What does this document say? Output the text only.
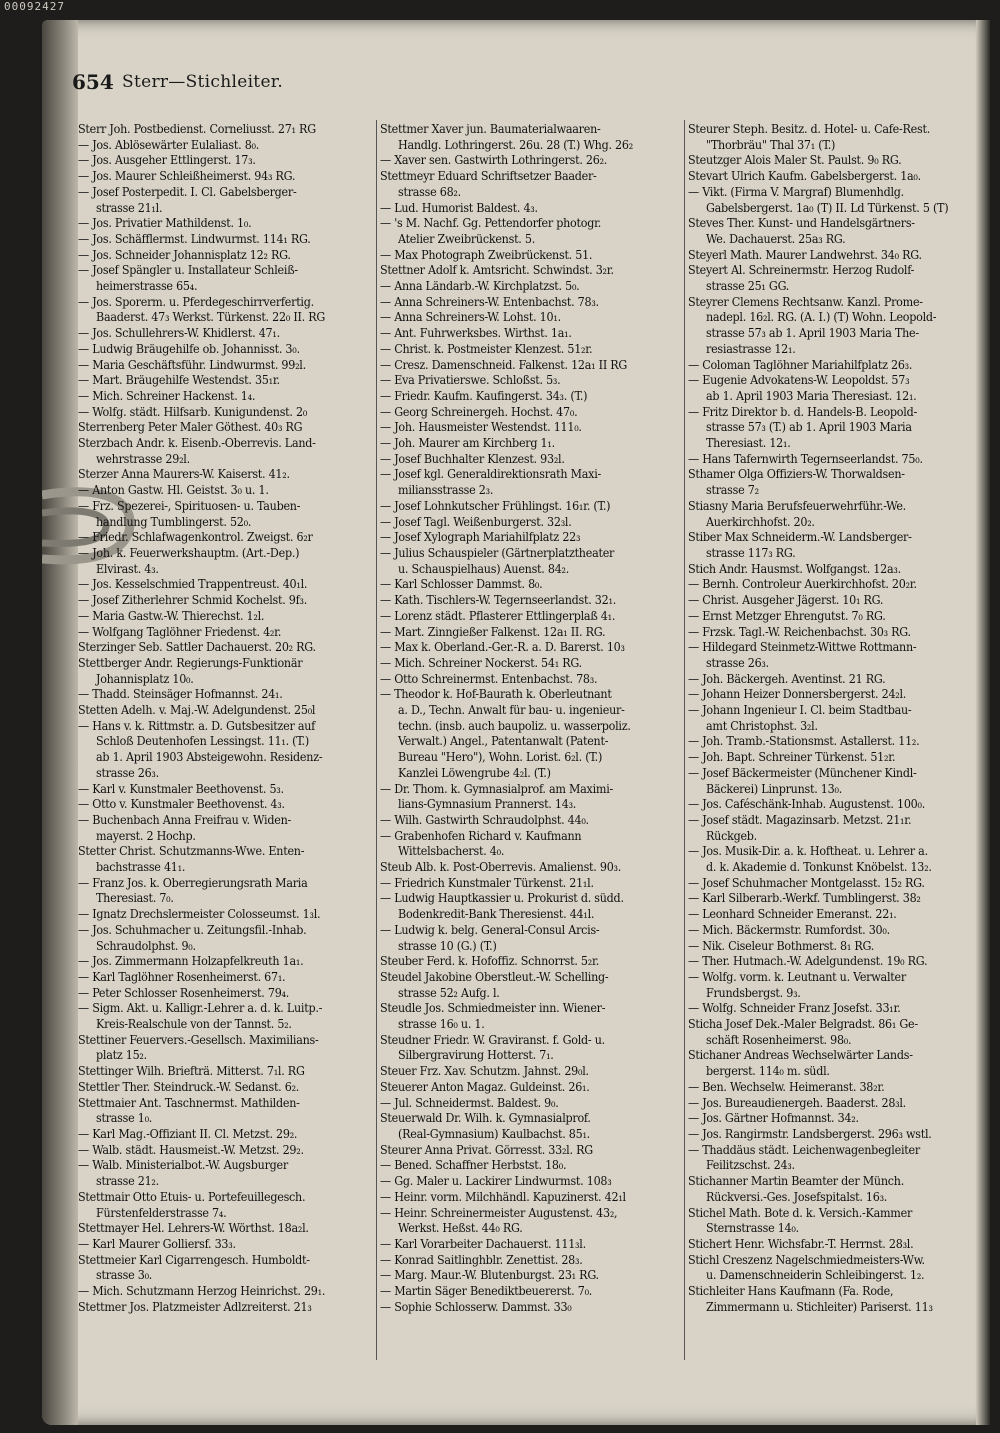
00092427
654 Sterr—Stichleiter.
Sterr Joh. Postbedienst. Corneliusst. 27₁ RG
— Jos. Ablösewärter Eulaliast. 8₀.
— Jos. Ausgeher Ettlingerst. 17₃.
— Jos. Maurer Schleißheimerst. 94₃ RG.
— Josef Posterpedit. I. Cl. Gabelsberger-
strasse 21₁l.
— Jos. Privatier Mathildenst. 1₀.
— Jos. Schäfflermst. Lindwurmst. 114₁ RG.
— Jos. Schneider Johannisplatz 12₂ RG.
— Josef Spängler u. Installateur Schleiß-
heimerstrasse 65₄.
— Jos. Sporerm. u. Pferdegeschirrverfertig.
Baaderst. 47₃ Werkst. Türkenst. 22₀ II. RG
— Jos. Schullehrers-W. Khidlerst. 47₁.
— Ludwig Bräugehilfe ob. Johannisst. 3₀.
— Maria Geschäftsführ. Lindwurmst. 99₂l.
— Mart. Bräugehilfe Westendst. 35₁r.
— Mich. Schreiner Hackenst. 1₄.
— Wolfg. städt. Hilfsarb. Kunigundenst. 2₀
Sterrenberg Peter Maler Göthest. 40₃ RG
Sterzbach Andr. k. Eisenb.-Oberrevis. Land-
wehrstrasse 29₂l.
Sterzer Anna Maurers-W. Kaiserst. 41₂.
— Anton Gastw. Hl. Geistst. 3₀ u. 1.
— Frz. Spezerei-, Spirituosen- u. Tauben-
handlung Tumblingerst. 52₀.
— Friedr. Schlafwagenkontrol. Zweigst. 6₂r
— Joh. k. Feuerwerkshauptm. (Art.-Dep.)
Elvirast. 4₃.
— Jos. Kesselschmied Trappentreust. 40₁l.
— Josef Zitherlehrer Schmid Kochelst. 9f₃.
— Maria Gastw.-W. Thierechst. 1₂l.
— Wolfgang Taglöhner Friedenst. 4₂r.
Sterzinger Seb. Sattler Dachauerst. 20₂ RG.
Stettberger Andr. Regierungs-Funktionär
Johannisplatz 10₀.
— Thadd. Steinsäger Hofmannst. 24₁.
Stetten Adelh. v. Maj.-W. Adelgundenst. 25₀l
— Hans v. k. Rittmstr. a. D. Gutsbesitzer auf
Schloß Deutenhofen Lessingst. 11₁. (T.)
ab 1. April 1903 Absteigewohn. Residenz-
strasse 26₃.
— Karl v. Kunstmaler Beethovenst. 5₃.
— Otto v. Kunstmaler Beethovenst. 4₃.
— Buchenbach Anna Freifrau v. Widen-
mayerst. 2 Hochp.
Stetter Christ. Schutzmanns-Wwe. Enten-
bachstrasse 41₁.
— Franz Jos. k. Oberregierungsrath Maria
Theresiast. 7₀.
— Ignatz Drechslermeister Colosseumst. 1₃l.
— Jos. Schuhmacher u. Zeitungsfil.-Inhab.
Schraudolphst. 9₀.
— Jos. Zimmermann Holzapfelkreuth 1a₁.
— Karl Taglöhner Rosenheimerst. 67₁.
— Peter Schlosser Rosenheimerst. 79₄.
— Sigm. Akt. u. Kalligr.-Lehrer a. d. k. Luitp.-
Kreis-Realschule von der Tannst. 5₂.
Stettiner Feuervers.-Gesellsch. Maximilians-
platz 15₂.
Stettinger Wilh. Briefträ. Mitterst. 7₁l. RG
Stettler Ther. Steindruck.-W. Sedanst. 6₂.
Stettmaier Ant. Taschnermst. Mathilden-
strasse 1₀.
— Karl Mag.-Offiziant II. Cl. Metzst. 29₂.
— Walb. städt. Hausmeist.-W. Metzst. 29₂.
— Walb. Ministerialbot.-W. Augsburger
strasse 21₂.
Stettmair Otto Etuis- u. Portefeuillegesch.
Fürstenfelderstrasse 7₄.
Stettmayer Hel. Lehrers-W. Wörthst. 18a₂l.
— Karl Maurer Golliersf. 33₃.
Stettmeier Karl Cigarrengesch. Humboldt-
strasse 3₀.
— Mich. Schutzmann Herzog Heinrichst. 29₁.
Stettmer Jos. Platzmeister Adlzreiterst. 21₃
Stettmer Xaver jun. Baumaterialwaaren-
Handlg. Lothringerst. 26u. 28 (T.) Whg. 26₂
— Xaver sen. Gastwirth Lothringerst. 26₂.
Stettmeyr Eduard Schriftsetzer Baader-
strasse 68₂.
— Lud. Humorist Baldest. 4₃.
— 's M. Nachf. Gg. Pettendorfer photogr.
Atelier Zweibrückenst. 5.
— Max Photograph Zweibrückenst. 51.
Stettner Adolf k. Amtsricht. Schwindst. 3₂r.
— Anna Ländarb.-W. Kirchplatzst. 5₀.
— Anna Schreiners-W. Entenbachst. 78₃.
— Anna Schreiners-W. Lohst. 10₁.
— Ant. Fuhrwerksbes. Wirthst. 1a₁.
— Christ. k. Postmeister Klenzest. 51₂r.
— Cresz. Damenschneid. Falkenst. 12a₁ II RG
— Eva Privatierswe. Schloßst. 5₃.
— Friedr. Kaufm. Kaufingerst. 34₃. (T.)
— Georg Schreinergeh. Hochst. 47₀.
— Joh. Hausmeister Westendst. 111₀.
— Joh. Maurer am Kirchberg 1₁.
— Josef Buchhalter Klenzest. 93₂l.
— Josef kgl. Generaldirektionsrath Maxi-
miliansstrasse 2₃.
— Josef Lohnkutscher Frühlingst. 16₁r. (T.)
— Josef Tagl. Weißenburgerst. 32₃l.
— Josef Xylograph Mariahilfplatz 22₃
— Julius Schauspieler (Gärtnerplatztheater
u. Schauspielhaus) Auenst. 84₂.
— Karl Schlosser Dammst. 8₀.
— Kath. Tischlers-W. Tegernseerlandst. 32₁.
— Lorenz städt. Pflasterer Ettlingerplaß 4₁.
— Mart. Zinngießer Falkenst. 12a₁ II. RG.
— Max k. Oberland.-Ger.-R. a. D. Barerst. 10₃
— Mich. Schreiner Nockerst. 54₁ RG.
— Otto Schreinermst. Entenbachst. 78₃.
— Theodor k. Hof-Baurath k. Oberleutnant
a. D., Techn. Anwalt für bau- u. ingenieur-
techn. (insb. auch baupoliz. u. wasserpoliz.
Verwalt.) Angel., Patentanwalt (Patent-
Bureau "Hero"), Wohn. Lorist. 6₂l. (T.)
Kanzlei Löwengrube 4₂l. (T.)
— Dr. Thom. k. Gymnasialprof. am Maximi-
lians-Gymnasium Prannerst. 14₃.
— Wilh. Gastwirth Schraudolphst. 44₀.
— Grabenhofen Richard v. Kaufmann
Wittelsbacherst. 4₀.
Steub Alb. k. Post-Oberrevis. Amalienst. 90₃.
— Friedrich Kunstmaler Türkenst. 21₁l.
— Ludwig Hauptkassier u. Prokurist d. südd.
Bodenkredit-Bank Theresienst. 44₁l.
— Ludwig k. belg. General-Consul Arcis-
strasse 10 (G.) (T.)
Steuber Ferd. k. Hofoffiz. Schnorrst. 5₂r.
Steudel Jakobine Oberstleut.-W. Schelling-
strasse 52₂ Aufg. l.
Steudle Jos. Schmiedmeister inn. Wiener-
strasse 16₀ u. 1.
Steudner Friedr. W. Graviranst. f. Gold- u.
Silbergravirung Hotterst. 7₁.
Steuer Frz. Xav. Schutzm. Jahnst. 29₀l.
Steuerer Anton Magaz. Guldeinst. 26₁.
— Jul. Schneidermst. Baldest. 9₀.
Steuerwald Dr. Wilh. k. Gymnasialprof.
(Real-Gymnasium) Kaulbachst. 85₁.
Steurer Anna Privat. Görresst. 33₂l. RG
— Bened. Schaffner Herbstst. 18₀.
— Gg. Maler u. Lackirer Lindwurmst. 108₃
— Heinr. vorm. Milchhändl. Kapuzinerst. 42₁l
— Heinr. Schreinermeister Augustenst. 43₂,
Werkst. Heßst. 44₀ RG.
— Karl Vorarbeiter Dachauerst. 111₃l.
— Konrad Saitlinghblr. Zenettist. 28₃.
— Marg. Maur.-W. Blutenburgst. 23₁ RG.
— Martin Säger Benediktbeuererst. 7₀.
— Sophie Schlosserw. Dammst. 33₀
Steurer Steph. Besitz. d. Hotel- u. Cafe-Rest.
"Thorbräu" Thal 37₁ (T.)
Steutzger Alois Maler St. Paulst. 9₀ RG.
Stevart Ulrich Kaufm. Gabelsbergerst. 1a₀.
— Vikt. (Firma V. Margraf) Blumenhdlg.
Gabelsbergerst. 1a₀ (T) II. Ld Türkenst. 5 (T)
Steves Ther. Kunst- und Handelsgärtners-
We. Dachauerst. 25a₃ RG.
Steyerl Math. Maurer Landwehrst. 34₀ RG.
Steyert Al. Schreinermstr. Herzog Rudolf-
strasse 25₁ GG.
Steyrer Clemens Rechtsanw. Kanzl. Prome-
nadepl. 16₂l. RG. (A. I.) (T) Wohn. Leopold-
strasse 57₃ ab 1. April 1903 Maria The-
resiastrasse 12₁.
— Coloman Taglöhner Mariahilfplatz 26₃.
— Eugenie Advokatens-W. Leopoldst. 57₃
ab 1. April 1903 Maria Theresiast. 12₁.
— Fritz Direktor b. d. Handels-B. Leopold-
strasse 57₃ (T.) ab 1. April 1903 Maria
Theresiast. 12₁.
— Hans Tafernwirth Tegernseerlandst. 75₀.
Sthamer Olga Offiziers-W. Thorwaldsen-
strasse 7₂
Stiasny Maria Berufsfeuerwehrführ.-We.
Auerkirchhofst. 20₂.
Stiber Max Schneiderm.-W. Landsberger-
strasse 117₃ RG.
Stich Andr. Hausmst. Wolfgangst. 12a₃.
— Bernh. Controleur Auerkirchhofst. 20₂r.
— Christ. Ausgeher Jägerst. 10₁ RG.
— Ernst Metzger Ehrengutst. 7₀ RG.
— Frzsk. Tagl.-W. Reichenbachst. 30₃ RG.
— Hildegard Steinmetz-Wittwe Rottmann-
strasse 26₃.
— Joh. Bäckergeh. Aventinst. 21 RG.
— Johann Heizer Donnersbergerst. 24₂l.
— Johann Ingenieur I. Cl. beim Stadtbau-
amt Christophst. 3₂l.
— Joh. Tramb.-Stationsmst. Astallerst. 11₂.
— Joh. Bapt. Schreiner Türkenst. 51₂r.
— Josef Bäckermeister (Münchener Kindl-
Bäckerei) Linprunst. 13₀.
— Jos. Caféschänk-Inhab. Augustenst. 100₀.
— Josef städt. Magazinsarb. Metzst. 21₁r.
Rückgeb.
— Jos. Musik-Dir. a. k. Hoftheat. u. Lehrer a.
d. k. Akademie d. Tonkunst Knöbelst. 13₂.
— Josef Schuhmacher Montgelasst. 15₂ RG.
— Karl Silberarb.-Werkf. Tumblingerst. 38₂
— Leonhard Schneider Emeranst. 22₁.
— Mich. Bäckermstr. Rumfordst. 30₀.
— Nik. Ciseleur Bothmerst. 8₁ RG.
— Ther. Hutmach.-W. Adelgundenst. 19₀ RG.
— Wolfg. vorm. k. Leutnant u. Verwalter
Frundsbergst. 9₃.
— Wolfg. Schneider Franz Josefst. 33₁r.
Sticha Josef Dek.-Maler Belgradst. 86₁ Ge-
schäft Rosenheimerst. 98₀.
Stichaner Andreas Wechselwärter Lands-
bergerst. 114₀ m. südl.
— Ben. Wechselw. Heimeranst. 38₂r.
— Jos. Bureaudienergeh. Baaderst. 28₃l.
— Jos. Gärtner Hofmannst. 34₂.
— Jos. Rangirmstr. Landsbergerst. 296₃ wstl.
— Thaddäus städt. Leichenwagenbegleiter
Feilitzschst. 24₃.
Stichanner Martin Beamter der Münch.
Rückversi.-Ges. Josefspitalst. 16₃.
Stichel Math. Bote d. k. Versich.-Kammer
Sternstrasse 14₀.
Stichert Henr. Wichsfabr.-T. Herrnst. 28₃l.
Stichl Creszenz Nagelschmiedmeisters-Ww.
u. Damenschneiderin Schleibingerst. 1₂.
Stichleiter Hans Kaufmann (Fa. Rode,
Zimmermann u. Stichleiter) Pariserst. 11₃
